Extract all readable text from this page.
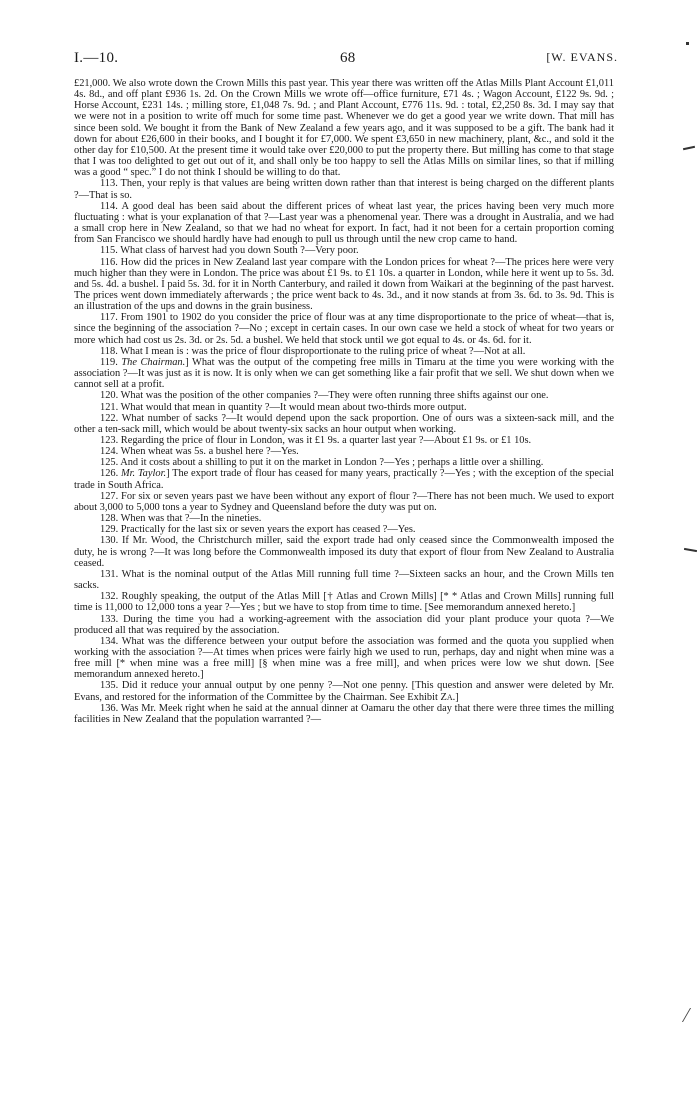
I.—10.	68	[W. EVANS.

£21,000. We also wrote down the Crown Mills this past year. This year there was written off the Atlas Mills Plant Account £1,011 4s. 8d., and off plant £936 1s. 2d. On the Crown Mills we wrote off—office furniture, £71 4s. ; Wagon Account, £122 9s. 9d. ; Horse Account, £231 14s. ; milling store, £1,048 7s. 9d. ; and Plant Account, £776 11s. 9d. : total, £2,250 8s. 3d. I may say that we were not in a position to write off much for some time past. Whenever we do get a good year we write down. That mill has since been sold. We bought it from the Bank of New Zealand a few years ago, and it was supposed to be a gift. The bank had it down for about £26,600 in their books, and I bought it for £7,000. We spent £3,650 in new machinery, plant, &c., and sold it the other day for £10,500. At the present time it would take over £20,000 to put the property there. But milling has come to that stage that I was too delighted to get out out of it, and shall only be too happy to sell the Atlas Mills on similar lines, so that if milling was a good “ spec.” I do not think I should be willing to do that.

113. Then, your reply is that values are being written down rather than that interest is being charged on the different plants ?—That is so.

114. A good deal has been said about the different prices of wheat last year, the prices having been very much more fluctuating : what is your explanation of that ?—Last year was a phenomenal year. There was a drought in Australia, and we had a small crop here in New Zealand, so that we had no wheat for export. In fact, had it not been for a certain proportion coming from San Francisco we should hardly have had enough to pull us through until the new crop came to hand.

115. What class of harvest had you down South ?—Very poor.

116. How did the prices in New Zealand last year compare with the London prices for wheat ?—The prices here were very much higher than they were in London. The price was about £1 9s. to £1 10s. a quarter in London, while here it went up to 5s. 3d. and 5s. 4d. a bushel. I paid 5s. 3d. for it in North Canterbury, and railed it down from Waikari at the beginning of the past harvest. The prices went down immediately afterwards ; the price went back to 4s. 3d., and it now stands at from 3s. 6d. to 3s. 9d. This is an illustration of the ups and downs in the grain business.

117. From 1901 to 1902 do you consider the price of flour was at any time disproportionate to the price of wheat—that is, since the beginning of the association ?—No ; except in certain cases. In our own case we held a stock of wheat for two years or more which had cost us 2s. 3d. or 2s. 5d. a bushel. We held that stock until we got equal to 4s. or 4s. 6d. for it.

118. What I mean is : was the price of flour disproportionate to the ruling price of wheat ?—Not at all.

119. The Chairman.] What was the output of the competing free mills in Timaru at the time you were working with the association ?—It was just as it is now. It is only when we can get something like a fair profit that we sell. We shut down when we cannot sell at a profit.

120. What was the position of the other companies ?—They were often running three shifts against our one.

121. What would that mean in quantity ?—It would mean about two-thirds more output.

122. What number of sacks ?—It would depend upon the sack proportion. One of ours was a sixteen-sack mill, and the other a ten-sack mill, which would be about twenty-six sacks an hour output when working.

123. Regarding the price of flour in London, was it £1 9s. a quarter last year ?—About £1 9s. or £1 10s.

124. When wheat was 5s. a bushel here ?—Yes.

125. And it costs about a shilling to put it on the market in London ?—Yes ; perhaps a little over a shilling.

126. Mr. Taylor.] The export trade of flour has ceased for many years, practically ?—Yes ; with the exception of the special trade in South Africa.

127. For six or seven years past we have been without any export of flour ?—There has not been much. We used to export about 3,000 to 5,000 tons a year to Sydney and Queensland before the duty was put on.

128. When was that ?—In the nineties.

129. Practically for the last six or seven years the export has ceased ?—Yes.

130. If Mr. Wood, the Christchurch miller, said the export trade had only ceased since the Commonwealth imposed the duty, he is wrong ?—It was long before the Commonwealth imposed its duty that export of flour from New Zealand to Australia ceased.

131. What is the nominal output of the Atlas Mill running full time ?—Sixteen sacks an hour, and the Crown Mills ten sacks.

132. Roughly speaking, the output of the Atlas Mill [† Atlas and Crown Mills] [* * Atlas and Crown Mills] running full time is 11,000 to 12,000 tons a year ?—Yes ; but we have to stop from time to time. [See memorandum annexed hereto.]

133. During the time you had a working-agreement with the association did your plant produce your quota ?—We produced all that was required by the association.

134. What was the difference between your output before the association was formed and the quota you supplied when working with the association ?—At times when prices were fairly high we used to run, perhaps, day and night when mine was a free mill [* when mine was a free mill] [§ when mine was a free mill], and when prices were low we shut down. [See memorandum annexed hereto.]

135. Did it reduce your annual output by one penny ?—Not one penny. [This question and answer were deleted by Mr. Evans, and restored for the information of the Committee by the Chairman. See Exhibit ZA.]

136. Was Mr. Meek right when he said at the annual dinner at Oamaru the other day that there were three times the milling facilities in New Zealand that the population warranted ?—
